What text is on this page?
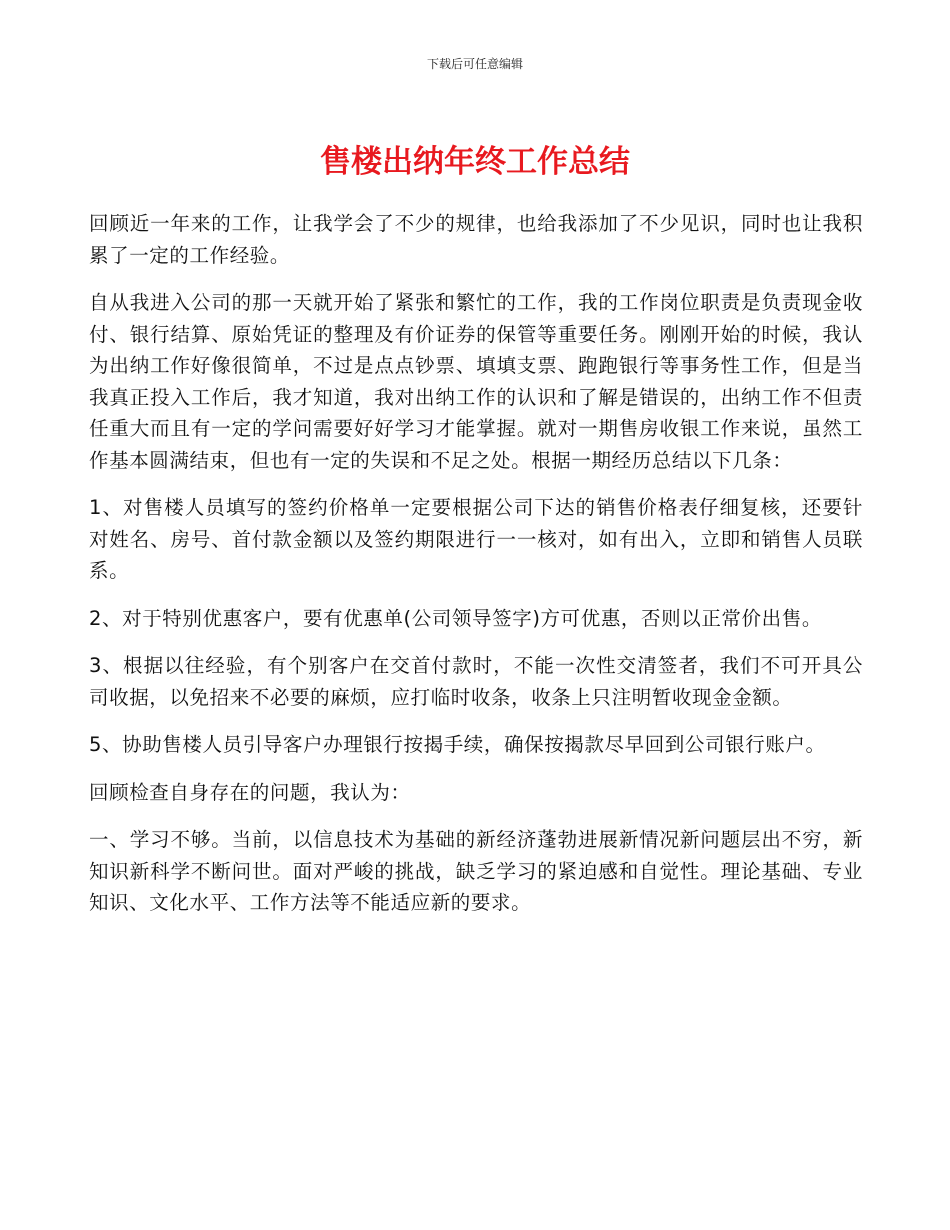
下载后可任意编辑
售楼出纳年终工作总结

回顾近一年来的工作，让我学会了不少的规律，也给我添加了不少见识，同时也让我积累了一定的工作经验。

自从我进入公司的那一天就开始了紧张和繁忙的工作，我的工作岗位职责是负责现金收付、银行结算、原始凭证的整理及有价证券的保管等重要任务。刚刚开始的时候，我认为出纳工作好像很简单，不过是点点钞票、填填支票、跑跑银行等事务性工作，但是当我真正投入工作后，我才知道，我对出纳工作的认识和了解是错误的，出纳工作不但责任重大而且有一定的学问需要好好学习才能掌握。就对一期售房收银工作来说，虽然工作基本圆满结束，但也有一定的失误和不足之处。根据一期经历总结以下几条：

1、对售楼人员填写的签约价格单一定要根据公司下达的销售价格表仔细复核，还要针对姓名、房号、首付款金额以及签约期限进行一一核对，如有出入，立即和销售人员联系。

2、对于特别优惠客户，要有优惠单(公司领导签字)方可优惠，否则以正常价出售。

3、根据以往经验，有个别客户在交首付款时，不能一次性交清签者，我们不可开具公司收据，以免招来不必要的麻烦，应打临时收条，收条上只注明暂收现金金额。

5、协助售楼人员引导客户办理银行按揭手续，确保按揭款尽早回到公司银行账户。

回顾检查自身存在的问题，我认为：

一、学习不够。当前，以信息技术为基础的新经济蓬勃进展新情况新问题层出不穷，新知识新科学不断问世。面对严峻的挑战，缺乏学习的紧迫感和自觉性。理论基础、专业知识、文化水平、工作方法等不能适应新的要求。
